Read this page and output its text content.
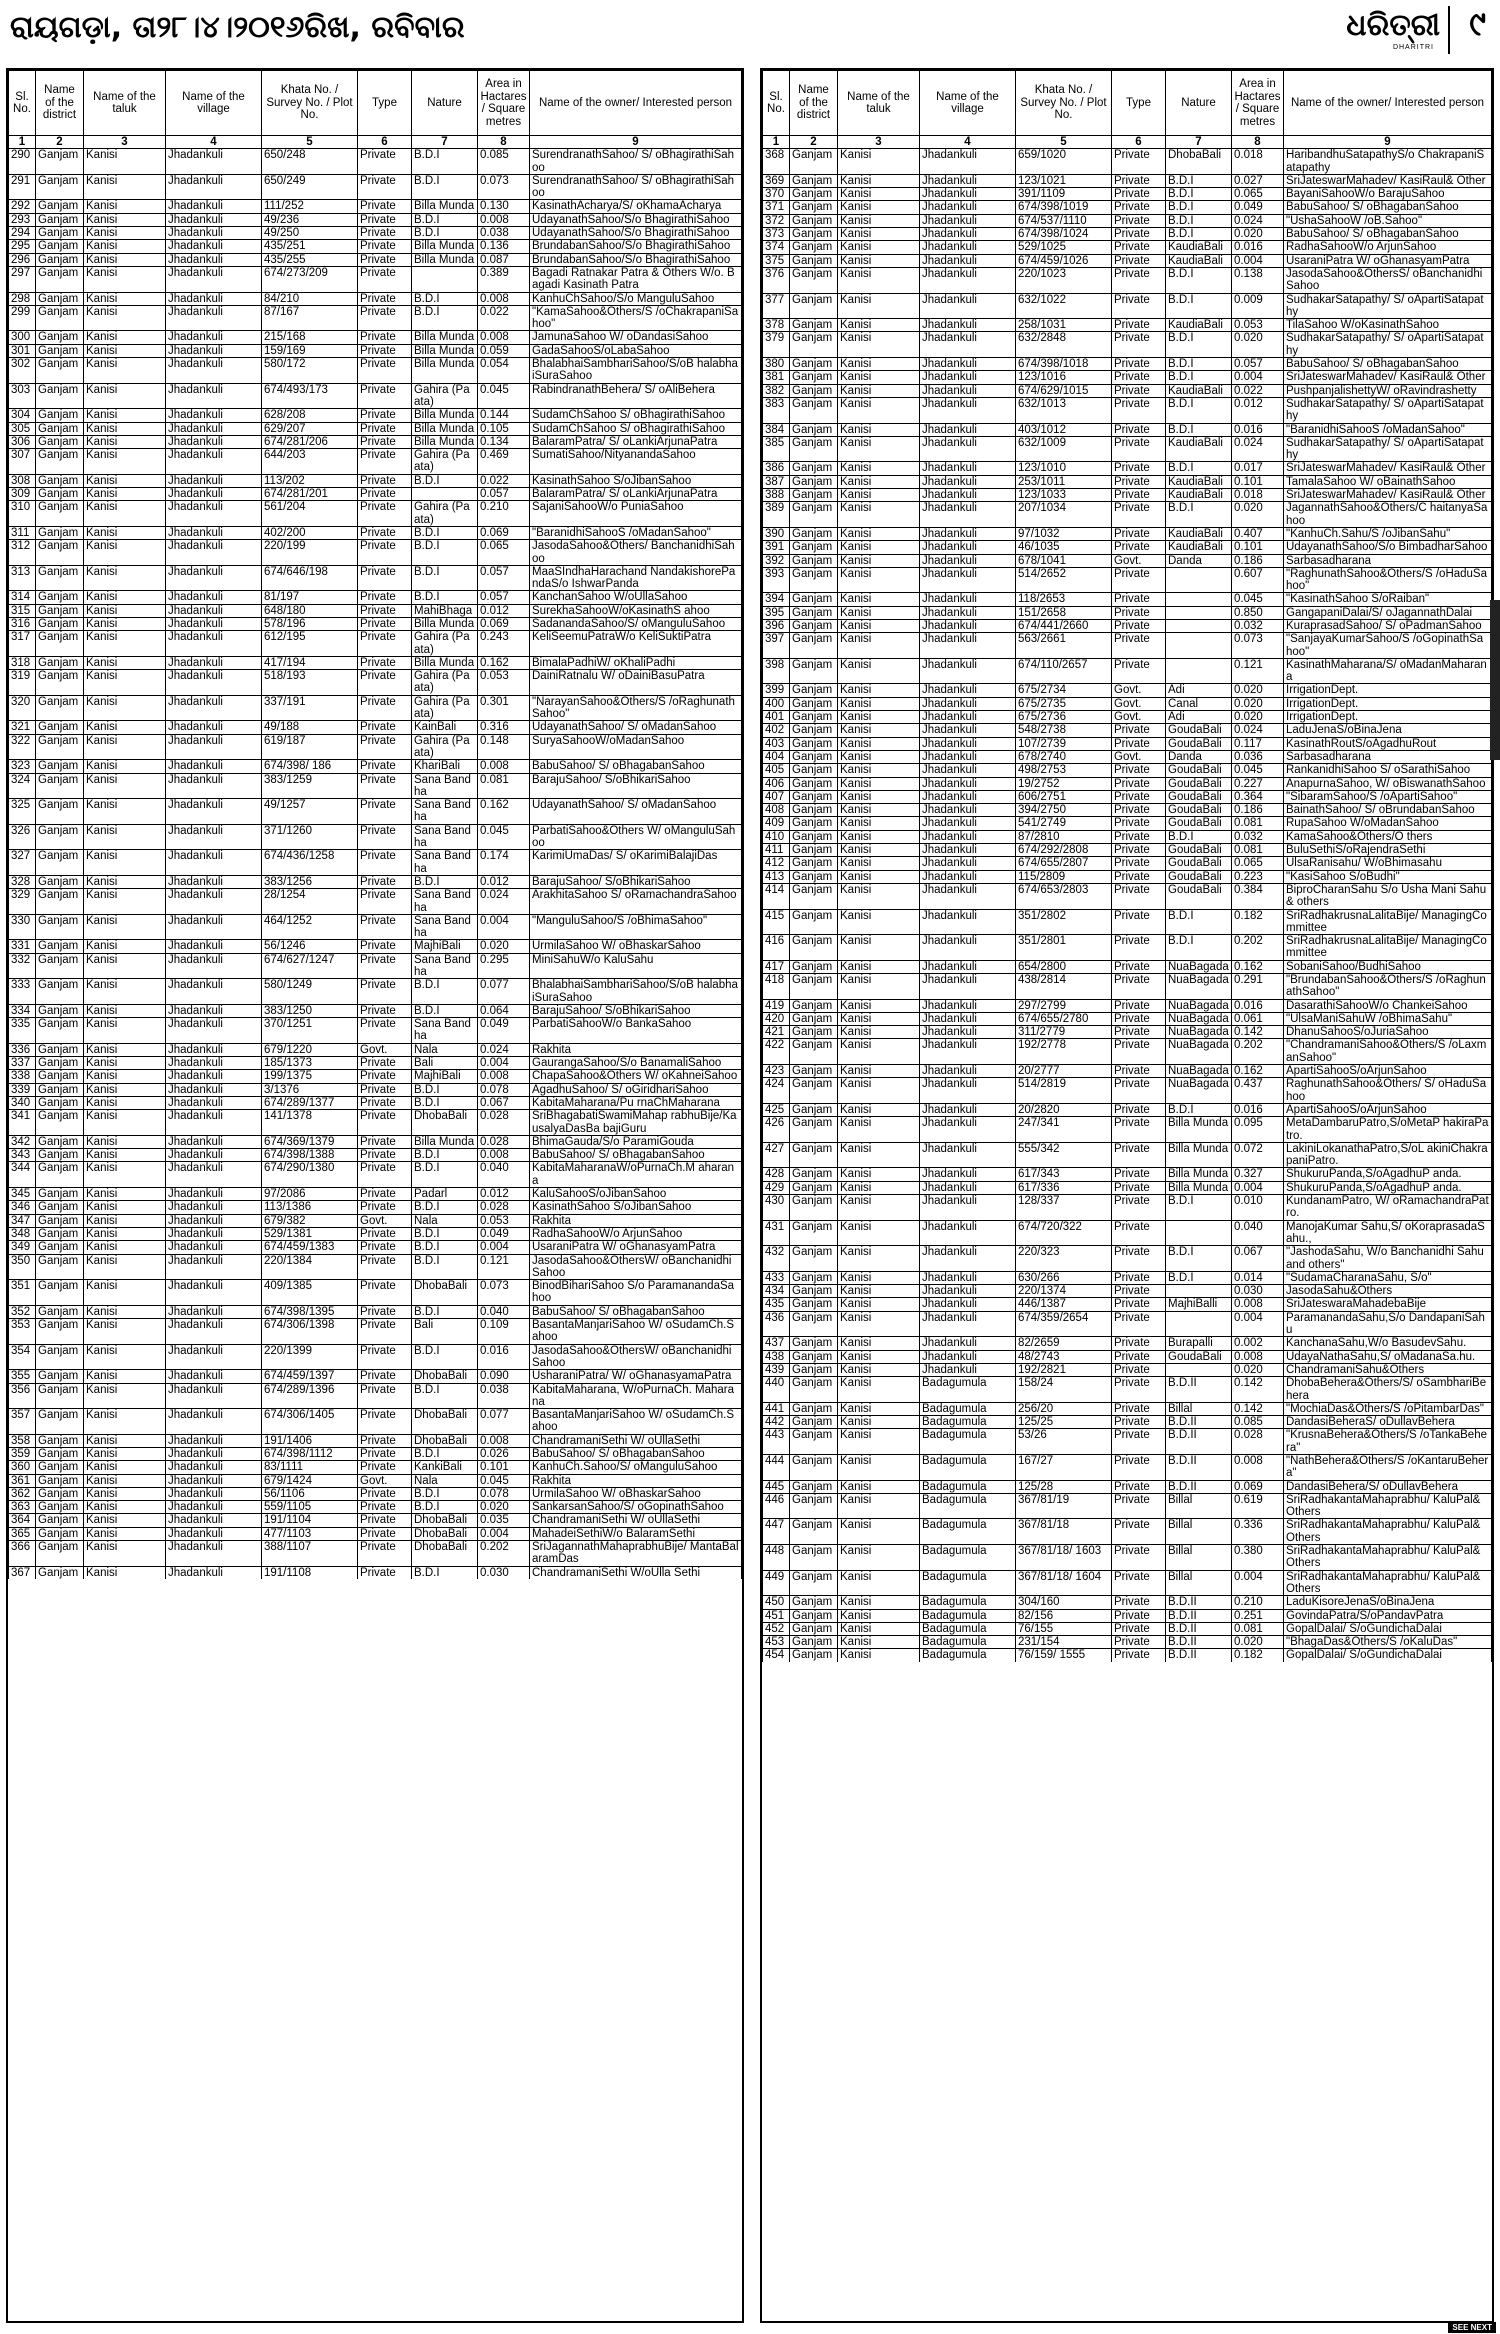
ରାୟଗଡ଼ା, ତା୨୮।୪।୨୦୧୬ରିଖ, ରବିବାର	ଧରିତ୍ରୀ
DHARITRI
୯
Sl. No.	Name of the district	Name of the taluk	Name of the village	Khata No. / Survey No. / Plot No.	Type	Nature	Area in Hactares / Square metres	Name of the owner/ Interested person
1	2	3	4	5	6	7	8	9
290	Ganjam	Kanisi	Jhadankuli	650/248	Private	B.D.I	0.085	SurendranathSahoo/ S/ oBhagirathiSahoo
291	Ganjam	Kanisi	Jhadankuli	650/249	Private	B.D.I	0.073	SurendranathSahoo/ S/ oBhagirathiSahoo
292	Ganjam	Kanisi	Jhadankuli	111/252	Private	Billa Munda	0.130	KasinathAcharya/S/ oKhamaAcharya
293	Ganjam	Kanisi	Jhadankuli	49/236	Private	B.D.I	0.008	UdayanathSahoo/S/o BhagirathiSahoo
294	Ganjam	Kanisi	Jhadankuli	49/250	Private	B.D.I	0.038	UdayanathSahoo/S/o BhagirathiSahoo
295	Ganjam	Kanisi	Jhadankuli	435/251	Private	Billa Munda	0.136	BrundabanSahoo/S/o BhagirathiSahoo
296	Ganjam	Kanisi	Jhadankuli	435/255	Private	Billa Munda	0.087	BrundabanSahoo/S/o BhagirathiSahoo
297	Ganjam	Kanisi	Jhadankuli	674/273/209	Private		0.389	Bagadi Ratnakar Patra & Others W/o. Bagadi Kasinath Patra
298	Ganjam	Kanisi	Jhadankuli	84/210	Private	B.D.I	0.008	KanhuChSahoo/S/o ManguluSahoo
299	Ganjam	Kanisi	Jhadankuli	87/167	Private	B.D.I	0.022	"KamaSahoo&Others/S /oChakrapaniSahoo"
300	Ganjam	Kanisi	Jhadankuli	215/168	Private	Billa Munda	0.008	JamunaSahoo W/ oDandasiSahoo
301	Ganjam	Kanisi	Jhadankuli	159/169	Private	Billa Munda	0.059	GadaSahooS/oLabaSahoo
302	Ganjam	Kanisi	Jhadankuli	580/172	Private	Billa Munda	0.054	BhalabhaiSambhariSahoo/S/oB halabhaiSuraSahoo
303	Ganjam	Kanisi	Jhadankuli	674/493/173	Private	Gahira (Paata)	0.045	RabindranathBehera/ S/ oAliBehera
304	Ganjam	Kanisi	Jhadankuli	628/208	Private	Billa Munda	0.144	SudamChSahoo S/ oBhagirathiSahoo
305	Ganjam	Kanisi	Jhadankuli	629/207	Private	Billa Munda	0.105	SudamChSahoo S/ oBhagirathiSahoo
306	Ganjam	Kanisi	Jhadankuli	674/281/206	Private	Billa Munda	0.134	BalaramPatra/ S/ oLankiArjunaPatra
307	Ganjam	Kanisi	Jhadankuli	644/203	Private	Gahira (Paata)	0.469	SumatiSahoo/NityanandaSahoo
308	Ganjam	Kanisi	Jhadankuli	113/202	Private	B.D.I	0.022	KasinathSahoo S/oJibanSahoo
309	Ganjam	Kanisi	Jhadankuli	674/281/201	Private		0.057	BalaramPatra/ S/ oLankiArjunaPatra
310	Ganjam	Kanisi	Jhadankuli	561/204	Private	Gahira (Paata)	0.210	SajaniSahooW/o PuniaSahoo
311	Ganjam	Kanisi	Jhadankuli	402/200	Private	B.D.I	0.069	"BaranidhiSahooS /oMadanSahoo"
312	Ganjam	Kanisi	Jhadankuli	220/199	Private	B.D.I	0.065	JasodaSahoo&Others/ BanchanidhiSahoo
313	Ganjam	Kanisi	Jhadankuli	674/646/198	Private	B.D.I	0.057	MaaSIndhaHarachand NandakishorePandaS/o IshwarPanda
314	Ganjam	Kanisi	Jhadankuli	81/197	Private	B.D.I	0.057	KanchanSahoo W/oUllaSahoo
315	Ganjam	Kanisi	Jhadankuli	648/180	Private	MahiBhaga	0.012	SurekhaSahooW/oKasinathS ahoo
316	Ganjam	Kanisi	Jhadankuli	578/196	Private	Billa Munda	0.069	SadanandaSahoo/S/ oManguluSahoo
317	Ganjam	Kanisi	Jhadankuli	612/195	Private	Gahira (Paata)	0.243	KeliSeemuPatraW/o KeliSuktiPatra
318	Ganjam	Kanisi	Jhadankuli	417/194	Private	Billa Munda	0.162	BimalaPadhiW/ oKhaliPadhi
319	Ganjam	Kanisi	Jhadankuli	518/193	Private	Gahira (Paata)	0.053	DainiRatnalu W/ oDainiBasuPatra
320	Ganjam	Kanisi	Jhadankuli	337/191	Private	Gahira (Paata)	0.301	"NarayanSahoo&Others/S /oRaghunathSahoo"
321	Ganjam	Kanisi	Jhadankuli	49/188	Private	KainBali	0.316	UdayanathSahoo/ S/ oMadanSahoo
322	Ganjam	Kanisi	Jhadankuli	619/187	Private	Gahira (Paata)	0.148	SuryaSahooW/oMadanSahoo
323	Ganjam	Kanisi	Jhadankuli	674/398/ 186	Private	KhariBali	0.008	BabuSahoo/ S/ oBhagabanSahoo
324	Ganjam	Kanisi	Jhadankuli	383/1259	Private	Sana Bandha	0.081	BarajuSahoo/ S/oBhikariSahoo
325	Ganjam	Kanisi	Jhadankuli	49/1257	Private	Sana Bandha	0.162	UdayanathSahoo/ S/ oMadanSahoo
326	Ganjam	Kanisi	Jhadankuli	371/1260	Private	Sana Bandha	0.045	ParbatiSahoo&Others W/ oManguluSahoo
327	Ganjam	Kanisi	Jhadankuli	674/436/1258	Private	Sana Bandha	0.174	KarimiUmaDas/ S/ oKarimiBalajiDas
328	Ganjam	Kanisi	Jhadankuli	383/1256	Private	B.D.I	0.012	BarajuSahoo/ S/oBhikariSahoo
329	Ganjam	Kanisi	Jhadankuli	28/1254	Private	Sana Bandha	0.024	ArakhitaSahoo S/ oRamachandraSahoo
330	Ganjam	Kanisi	Jhadankuli	464/1252	Private	Sana Bandha	0.004	"ManguluSahoo/S /oBhimaSahoo"
331	Ganjam	Kanisi	Jhadankuli	56/1246	Private	MajhiBali	0.020	UrmilaSahoo W/ oBhaskarSahoo
332	Ganjam	Kanisi	Jhadankuli	674/627/1247	Private	Sana Bandha	0.295	MiniSahuW/o KaluSahu
333	Ganjam	Kanisi	Jhadankuli	580/1249	Private	B.D.I	0.077	BhalabhaiSambhariSahoo/S/oB halabhaiSuraSahoo
334	Ganjam	Kanisi	Jhadankuli	383/1250	Private	B.D.I	0.064	BarajuSahoo/ S/oBhikariSahoo
335	Ganjam	Kanisi	Jhadankuli	370/1251	Private	Sana Bandha	0.049	ParbatiSahooW/o BankaSahoo
336	Ganjam	Kanisi	Jhadankuli	679/1220	Govt.	Nala	0.024	Rakhita
337	Ganjam	Kanisi	Jhadankuli	185/1373	Private	Bali	0.004	GaurangaSahoo/S/o BanamaliSahoo
338	Ganjam	Kanisi	Jhadankuli	199/1375	Private	MajhiBali	0.008	ChapaSahoo&Others W/ oKahneiSahoo
339	Ganjam	Kanisi	Jhadankuli	3/1376	Private	B.D.I	0.078	AgadhuSahoo/ S/ oGiridhariSahoo
340	Ganjam	Kanisi	Jhadankuli	674/289/1377	Private	B.D.I	0.067	KabitaMaharana/Pu rnaChMaharana
341	Ganjam	Kanisi	Jhadankuli	141/1378	Private	DhobaBali	0.028	SriBhagabatiSwamiMahap rabhuBije/KausalyaDasBa bajiGuru
342	Ganjam	Kanisi	Jhadankuli	674/369/1379	Private	Billa Munda	0.028	BhimaGauda/S/o ParamiGouda
343	Ganjam	Kanisi	Jhadankuli	674/398/1388	Private	B.D.I	0.008	BabuSahoo/ S/ oBhagabanSahoo
344	Ganjam	Kanisi	Jhadankuli	674/290/1380	Private	B.D.I	0.040	KabitaMaharanaW/oPurnaCh.M aharana
345	Ganjam	Kanisi	Jhadankuli	97/2086	Private	Padarl	0.012	KaluSahooS/oJibanSahoo
346	Ganjam	Kanisi	Jhadankuli	113/1386	Private	B.D.I	0.028	KasinathSahoo S/oJibanSahoo
347	Ganjam	Kanisi	Jhadankuli	679/382	Govt.	Nala	0.053	Rakhita
348	Ganjam	Kanisi	Jhadankuli	529/1381	Private	B.D.I	0.049	RadhaSahooW/o ArjunSahoo
349	Ganjam	Kanisi	Jhadankuli	674/459/1383	Private	B.D.I	0.004	UsaraniPatra W/ oGhanasyamPatra
350	Ganjam	Kanisi	Jhadankuli	220/1384	Private	B.D.I	0.121	JasodaSahoo&OthersW/ oBanchanidhiSahoo
351	Ganjam	Kanisi	Jhadankuli	409/1385	Private	DhobaBali	0.073	BinodBihariSahoo S/o ParamanandaSahoo
352	Ganjam	Kanisi	Jhadankuli	674/398/1395	Private	B.D.I	0.040	BabuSahoo/ S/ oBhagabanSahoo
353	Ganjam	Kanisi	Jhadankuli	674/306/1398	Private	Bali	0.109	BasantaManjariSahoo W/ oSudamCh.Sahoo
354	Ganjam	Kanisi	Jhadankuli	220/1399	Private	B.D.I	0.016	JasodaSahoo&OthersW/ oBanchanidhiSahoo
355	Ganjam	Kanisi	Jhadankuli	674/459/1397	Private	DhobaBali	0.090	UsharaniPatra/ W/ oGhanasyamaPatra
356	Ganjam	Kanisi	Jhadankuli	674/289/1396	Private	B.D.I	0.038	KabitaMaharana, W/oPurnaCh. Maharana
357	Ganjam	Kanisi	Jhadankuli	674/306/1405	Private	DhobaBali	0.077	BasantaManjariSahoo W/ oSudamCh.Sahoo
358	Ganjam	Kanisi	Jhadankuli	191/1406	Private	DhobaBali	0.008	ChandramaniSethi W/ oUllaSethi
359	Ganjam	Kanisi	Jhadankuli	674/398/1112	Private	B.D.I	0.026	BabuSahoo/ S/ oBhagabanSahoo
360	Ganjam	Kanisi	Jhadankuli	83/1111	Private	KankiBali	0.101	KanhuCh.Sahoo/S/ oManguluSahoo
361	Ganjam	Kanisi	Jhadankuli	679/1424	Govt.	Nala	0.045	Rakhita
362	Ganjam	Kanisi	Jhadankuli	56/1106	Private	B.D.I	0.078	UrmilaSahoo W/ oBhaskarSahoo
363	Ganjam	Kanisi	Jhadankuli	559/1105	Private	B.D.I	0.020	SankarsanSahoo/S/ oGopinathSahoo
364	Ganjam	Kanisi	Jhadankuli	191/1104	Private	DhobaBali	0.035	ChandramaniSethi W/ oUllaSethi
365	Ganjam	Kanisi	Jhadankuli	477/1103	Private	DhobaBali	0.004	MahadeiSethiW/o BalaramSethi
366	Ganjam	Kanisi	Jhadankuli	388/1107	Private	DhobaBali	0.202	SriJagannathMahaprabhuBije/ MantaBalaramDas
367	Ganjam	Kanisi	Jhadankuli	191/1108	Private	B.D.I	0.030	ChandramaniSethi W/oUlla Sethi
Sl. No.	Name of the district	Name of the taluk	Name of the village	Khata No. / Survey No. / Plot No.	Type	Nature	Area in Hactares / Square metres	Name of the owner/ Interested person
1	2	3	4	5	6	7	8	9
368	Ganjam	Kanisi	Jhadankuli	659/1020	Private	DhobaBali	0.018	HaribandhuSatapathyS/o ChakrapaniSatapathy
369	Ganjam	Kanisi	Jhadankuli	123/1021	Private	B.D.I	0.027	SriJateswarMahadev/ KasiRaul& Other
370	Ganjam	Kanisi	Jhadankuli	391/1109	Private	B.D.I	0.065	BayaniSahooW/o BarajuSahoo
371	Ganjam	Kanisi	Jhadankuli	674/398/1019	Private	B.D.I	0.049	BabuSahoo/ S/ oBhagabanSahoo
372	Ganjam	Kanisi	Jhadankuli	674/537/1110	Private	B.D.I	0.024	"UshaSahooW /oB.Sahoo"
373	Ganjam	Kanisi	Jhadankuli	674/398/1024	Private	B.D.I	0.020	BabuSahoo/ S/ oBhagabanSahoo
374	Ganjam	Kanisi	Jhadankuli	529/1025	Private	KaudiaBali	0.016	RadhaSahooW/o ArjunSahoo
375	Ganjam	Kanisi	Jhadankuli	674/459/1026	Private	KaudiaBali	0.004	UsaraniPatra W/ oGhanasyamPatra
376	Ganjam	Kanisi	Jhadankuli	220/1023	Private	B.D.I	0.138	JasodaSahoo&OthersS/ oBanchanidhiSahoo
377	Ganjam	Kanisi	Jhadankuli	632/1022	Private	B.D.I	0.009	SudhakarSatapathy/ S/ oApartiSatapathy
378	Ganjam	Kanisi	Jhadankuli	258/1031	Private	KaudiaBali	0.053	TilaSahoo W/oKasinathSahoo
379	Ganjam	Kanisi	Jhadankuli	632/2848	Private	B.D.I	0.020	SudhakarSatapathy/ S/ oApartiSatapathy
380	Ganjam	Kanisi	Jhadankuli	674/398/1018	Private	B.D.I	0.057	BabuSahoo/ S/ oBhagabanSahoo
381	Ganjam	Kanisi	Jhadankuli	123/1016	Private	B.D.I	0.004	SriJateswarMahadev/ KasiRaul& Other
382	Ganjam	Kanisi	Jhadankuli	674/629/1015	Private	KaudiaBali	0.022	PushpanjalishettyW/ oRavindrashetty
383	Ganjam	Kanisi	Jhadankuli	632/1013	Private	B.D.I	0.012	SudhakarSatapathy/ S/ oApartiSatapathy
384	Ganjam	Kanisi	Jhadankuli	403/1012	Private	B.D.I	0.016	"BaranidhiSahooS /oMadanSahoo"
385	Ganjam	Kanisi	Jhadankuli	632/1009	Private	KaudiaBali	0.024	SudhakarSatapathy/ S/ oApartiSatapathy
386	Ganjam	Kanisi	Jhadankuli	123/1010	Private	B.D.I	0.017	SriJateswarMahadev/ KasiRaul& Other
387	Ganjam	Kanisi	Jhadankuli	253/1011	Private	KaudiaBali	0.101	TamalaSahoo W/ oBainathSahoo
388	Ganjam	Kanisi	Jhadankuli	123/1033	Private	KaudiaBali	0.018	SriJateswarMahadev/ KasiRaul& Other
389	Ganjam	Kanisi	Jhadankuli	207/1034	Private	B.D.I	0.020	JagannathSahoo&Others/C haitanyaSahoo
390	Ganjam	Kanisi	Jhadankuli	97/1032	Private	KaudiaBali	0.407	"KanhuCh.Sahu/S /oJibanSahu"
391	Ganjam	Kanisi	Jhadankuli	46/1035	Private	KaudiaBali	0.101	UdayanathSahoo/S/o BimbadharSahoo
392	Ganjam	Kanisi	Jhadankuli	678/1041	Govt.	Danda	0.186	Sarbasadharana
393	Ganjam	Kanisi	Jhadankuli	514/2652	Private		0.607	"RaghunathSahoo&Others/S /oHaduSahoo"
394	Ganjam	Kanisi	Jhadankuli	118/2653	Private		0.045	"KasinathSahoo S/oRaiban"
395	Ganjam	Kanisi	Jhadankuli	151/2658	Private		0.850	GangapaniDalai/S/ oJagannathDalai
396	Ganjam	Kanisi	Jhadankuli	674/441/2660	Private		0.032	KuraprasadSahoo/ S/ oPadmanSahoo
397	Ganjam	Kanisi	Jhadankuli	563/2661	Private		0.073	"SanjayaKumarSahoo/S /oGopinathSahoo"
398	Ganjam	Kanisi	Jhadankuli	674/110/2657	Private		0.121	KasinathMaharana/S/ oMadanMaharana
399	Ganjam	Kanisi	Jhadankuli	675/2734	Govt.	Adi	0.020	IrrigationDept.
400	Ganjam	Kanisi	Jhadankuli	675/2735	Govt.	Canal	0.020	IrrigationDept.
401	Ganjam	Kanisi	Jhadankuli	675/2736	Govt.	Adi	0.020	IrrigationDept.
402	Ganjam	Kanisi	Jhadankuli	548/2738	Private	GoudaBali	0.024	LaduJenaS/oBinaJena
403	Ganjam	Kanisi	Jhadankuli	107/2739	Private	GoudaBali	0.117	KasinathRoutS/oAgadhuRout
404	Ganjam	Kanisi	Jhadankuli	678/2740	Govt.	Danda	0.036	Sarbasadharana
405	Ganjam	Kanisi	Jhadankuli	498/2753	Private	GoudaBali	0.045	RankanidhiSahoo S/ oSarathiSahoo
406	Ganjam	Kanisi	Jhadankuli	19/2752	Private	GoudaBali	0.227	AnapurnaSahoo, W/ oBiswanathSahoo
407	Ganjam	Kanisi	Jhadankuli	606/2751	Private	GoudaBali	0.364	"SibaramSahoo/S /oApartiSahoo"
408	Ganjam	Kanisi	Jhadankuli	394/2750	Private	GoudaBali	0.186	BainathSahoo/ S/ oBrundabanSahoo
409	Ganjam	Kanisi	Jhadankuli	541/2749	Private	GoudaBali	0.081	RupaSahoo W/oMadanSahoo
410	Ganjam	Kanisi	Jhadankuli	87/2810	Private	B.D.I	0.032	KamaSahoo&Others/O thers
411	Ganjam	Kanisi	Jhadankuli	674/292/2808	Private	GoudaBali	0.081	BuluSethiS/oRajendraSethi
412	Ganjam	Kanisi	Jhadankuli	674/655/2807	Private	GoudaBali	0.065	UlsaRanisahu/ W/oBhimasahu
413	Ganjam	Kanisi	Jhadankuli	115/2809	Private	GoudaBali	0.223	"KasiSahoo S/oBudhi"
414	Ganjam	Kanisi	Jhadankuli	674/653/2803	Private	GoudaBali	0.384	BiproCharanSahu S/o Usha Mani Sahu & others
415	Ganjam	Kanisi	Jhadankuli	351/2802	Private	B.D.I	0.182	SriRadhakrusnaLalitaBije/ ManagingCommittee
416	Ganjam	Kanisi	Jhadankuli	351/2801	Private	B.D.I	0.202	SriRadhakrusnaLalitaBije/ ManagingCommittee
417	Ganjam	Kanisi	Jhadankuli	654/2800	Private	NuaBagada	0.162	SobaniSahoo/BudhiSahoo
418	Ganjam	Kanisi	Jhadankuli	438/2814	Private	NuaBagada	0.291	"BrundabanSahoo&Others/S /oRaghunathSahoo"
419	Ganjam	Kanisi	Jhadankuli	297/2799	Private	NuaBagada	0.016	DasarathiSahooW/o ChankeiSahoo
420	Ganjam	Kanisi	Jhadankuli	674/655/2780	Private	NuaBagada	0.061	"UlsaManiSahuW /oBhimaSahu"
421	Ganjam	Kanisi	Jhadankuli	311/2779	Private	NuaBagada	0.142	DhanuSahooS/oJuriaSahoo
422	Ganjam	Kanisi	Jhadankuli	192/2778	Private	NuaBagada	0.202	"ChandramaniSahoo&Others/S /oLaxmanSahoo"
423	Ganjam	Kanisi	Jhadankuli	20/2777	Private	NuaBagada	0.162	ApartiSahooS/oArjunSahoo
424	Ganjam	Kanisi	Jhadankuli	514/2819	Private	NuaBagada	0.437	RaghunathSahoo&Others/ S/ oHaduSahoo
425	Ganjam	Kanisi	Jhadankuli	20/2820	Private	B.D.I	0.016	ApartiSahooS/oArjunSahoo
426	Ganjam	Kanisi	Jhadankuli	247/341	Private	Billa Munda	0.095	MetaDambaruPatro,S/oMetaP hakiraPatro.
427	Ganjam	Kanisi	Jhadankuli	555/342	Private	Billa Munda	0.072	LakiniLokanathaPatro,S/oL akiniChakrapaniPatro.
428	Ganjam	Kanisi	Jhadankuli	617/343	Private	Billa Munda	0.327	ShukuruPanda,S/oAgadhuP anda.
429	Ganjam	Kanisi	Jhadankuli	617/336	Private	Billa Munda	0.004	ShukuruPanda,S/oAgadhuP anda.
430	Ganjam	Kanisi	Jhadankuli	128/337	Private	B.D.I	0.010	KundanamPatro, W/ oRamachandraPatro.
431	Ganjam	Kanisi	Jhadankuli	674/720/322	Private		0.040	ManojaKumar Sahu,S/ oKoraprasadaSahu.,
432	Ganjam	Kanisi	Jhadankuli	220/323	Private	B.D.I	0.067	"JashodaSahu, W/o Banchanidhi Sahu and others"
433	Ganjam	Kanisi	Jhadankuli	630/266	Private	B.D.I	0.014	"SudamaCharanaSahu, S/o"
434	Ganjam	Kanisi	Jhadankuli	220/1374	Private		0.030	JasodaSahu&Others
435	Ganjam	Kanisi	Jhadankuli	446/1387	Private	MajhiBalli	0.008	SriJateswaraMahadebaBije
436	Ganjam	Kanisi	Jhadankuli	674/359/2654	Private		0.004	ParamanandaSahu,S/o DandapaniSahu
437	Ganjam	Kanisi	Jhadankuli	82/2659	Private	Burapalli	0.002	KanchanaSahu,W/o BasudevSahu.
438	Ganjam	Kanisi	Jhadankuli	48/2743	Private	GoudaBali	0.008	UdayaNathaSahu,S/ oMadanaSa.hu.
439	Ganjam	Kanisi	Jhadankuli	192/2821	Private		0.020	ChandramaniSahu&Others
440	Ganjam	Kanisi	Badagumula	158/24	Private	B.D.II	0.142	DhobaBehera&Others/S/ oSambhariBehera
441	Ganjam	Kanisi	Badagumula	256/20	Private	Billal	0.142	"MochiaDas&Others/S /oPitambarDas"
442	Ganjam	Kanisi	Badagumula	125/25	Private	B.D.II	0.085	DandasiBeheraS/ oDullavBehera
443	Ganjam	Kanisi	Badagumula	53/26	Private	B.D.II	0.028	"KrusnaBehera&Others/S /oTankaBehera"
444	Ganjam	Kanisi	Badagumula	167/27	Private	B.D.II	0.008	"NathBehera&Others/S /oKantaruBehera"
445	Ganjam	Kanisi	Badagumula	125/28	Private	B.D.II	0.069	DandasiBehera/S/ oDullavBehera
446	Ganjam	Kanisi	Badagumula	367/81/19	Private	Billal	0.619	SriRadhakantaMahaprabhu/ KaluPal&Others
447	Ganjam	Kanisi	Badagumula	367/81/18	Private	Billal	0.336	SriRadhakantaMahaprabhu/ KaluPal&Others
448	Ganjam	Kanisi	Badagumula	367/81/18/ 1603	Private	Billal	0.380	SriRadhakantaMahaprabhu/ KaluPal&Others
449	Ganjam	Kanisi	Badagumula	367/81/18/ 1604	Private	Billal	0.004	SriRadhakantaMahaprabhu/ KaluPal&Others
450	Ganjam	Kanisi	Badagumula	304/160	Private	B.D.II	0.210	LaduKisoreJenaS/oBinaJena
451	Ganjam	Kanisi	Badagumula	82/156	Private	B.D.II	0.251	GovindaPatra/S/oPandavPatra
452	Ganjam	Kanisi	Badagumula	76/155	Private	B.D.II	0.081	GopalDalai/ S/oGundichaDalai
453	Ganjam	Kanisi	Badagumula	231/154	Private	B.D.II	0.020	"BhagaDas&Others/S /oKaluDas"
454	Ganjam	Kanisi	Badagumula	76/159/ 1555	Private	B.D.II	0.182	GopalDalai/ S/oGundichaDalai
SEE NEXT
